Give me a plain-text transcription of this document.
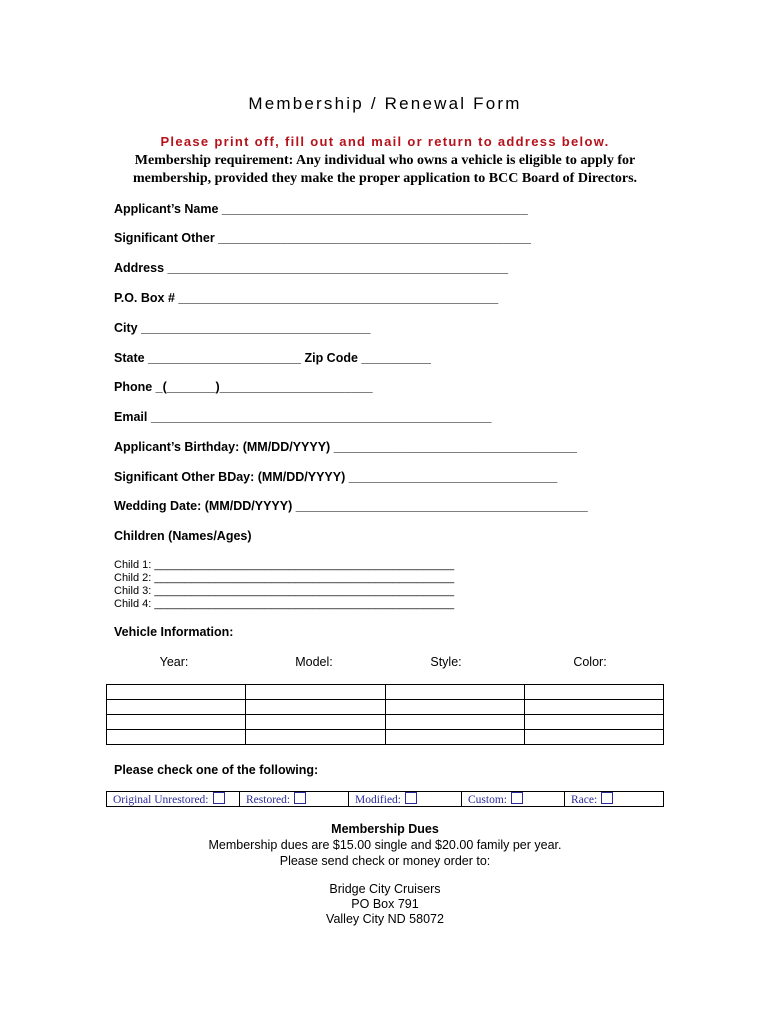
Membership / Renewal Form
Please print off, fill out and mail or return to address below.
Membership requirement: Any individual who owns a vehicle is eligible to apply for
membership, provided they make the proper application to BCC Board of Directors.
Applicant’s Name ____________________________________________
Significant Other _____________________________________________
Address _________________________________________________
P.O. Box # ______________________________________________
City _________________________________
State ______________________ Zip Code __________
Phone _(_______)______________________
Email _________________________________________________
Applicant’s Birthday: (MM/DD/YYYY) ___________________________________
Significant Other BDay: (MM/DD/YYYY) ______________________________
Wedding Date: (MM/DD/YYYY) __________________________________________
Children (Names/Ages)
Child 1: _________________________________________________
Child 2: _________________________________________________
Child 3: _________________________________________________
Child 4: _________________________________________________
Vehicle Information:
Year:	Model:	Style:	Color:

Please check one of the following:
Original Unrestored:	Restored:	Modified:	Custom:	Race:
Membership Dues
Membership dues are $15.00 single and $20.00 family per year.
Please send check or money order to:
Bridge City Cruisers
PO Box 791
Valley City ND 58072
